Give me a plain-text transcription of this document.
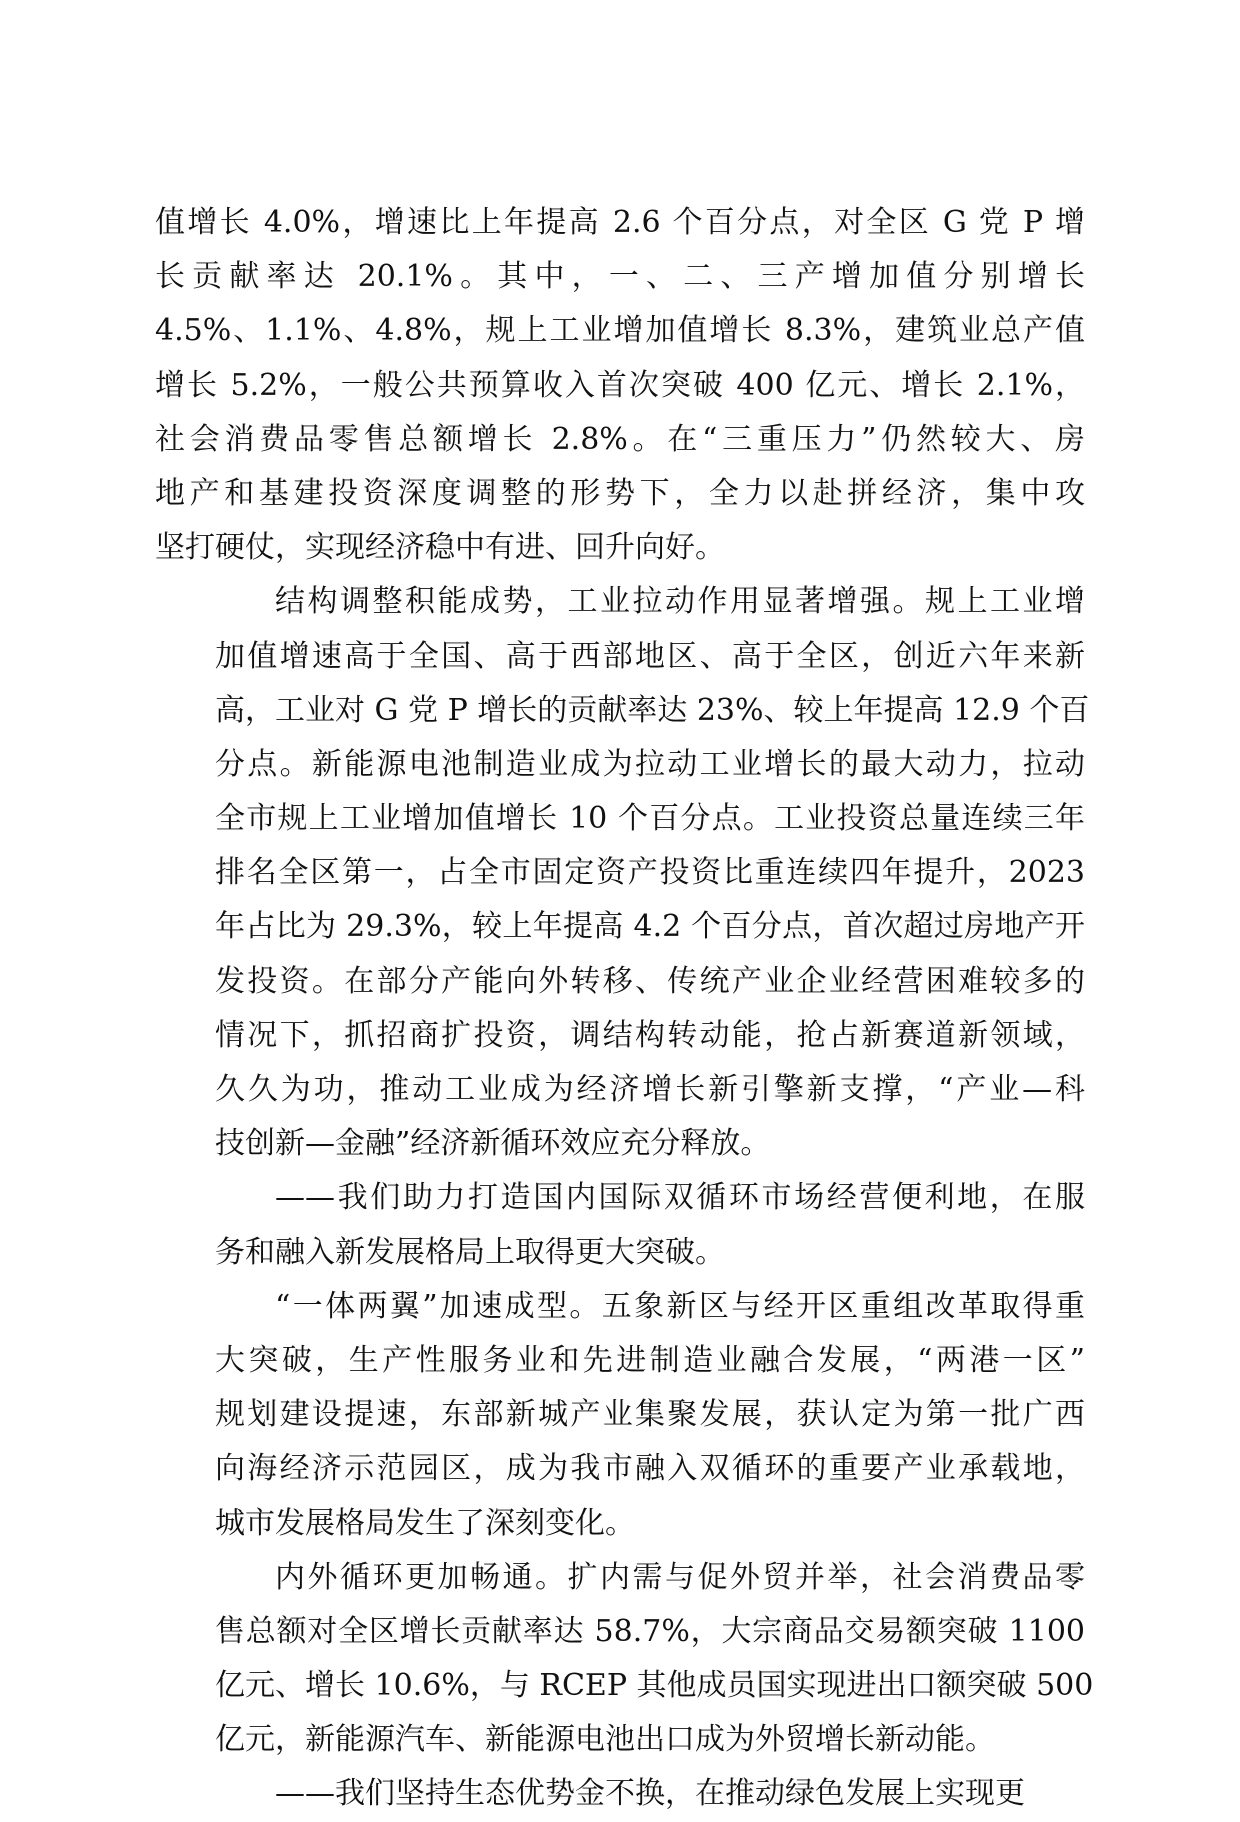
值增长 4.0%，增速比上年提高 2.6 个百分点，对全区 G 党 P 增
长贡献率达 20.1%。其中，一、二、三产增加值分别增长
4.5%、1.1%、4.8%，规上工业增加值增长 8.3%，建筑业总产值
增长 5.2%，一般公共预算收入首次突破 400 亿元、增长 2.1%，
社会消费品零售总额增长 2.8%。在“三重压力”仍然较大、房
地产和基建投资深度调整的形势下，全力以赴拼经济，集中攻
坚打硬仗，实现经济稳中有进、回升向好。
结构调整积能成势，工业拉动作用显著增强。规上工业增
加值增速高于全国、高于西部地区、高于全区，创近六年来新
高，工业对 G 党 P 增长的贡献率达 23%、较上年提高 12.9 个百
分点。新能源电池制造业成为拉动工业增长的最大动力，拉动
全市规上工业增加值增长 10 个百分点。工业投资总量连续三年
排名全区第一，占全市固定资产投资比重连续四年提升，2023
年占比为 29.3%，较上年提高 4.2 个百分点，首次超过房地产开
发投资。在部分产能向外转移、传统产业企业经营困难较多的
情况下，抓招商扩投资，调结构转动能，抢占新赛道新领域，
久久为功，推动工业成为经济增长新引擎新支撑，“产业—科
技创新—金融”经济新循环效应充分释放。
——我们助力打造国内国际双循环市场经营便利地，在服
务和融入新发展格局上取得更大突破。
“一体两翼”加速成型。五象新区与经开区重组改革取得重
大突破，生产性服务业和先进制造业融合发展，“两港一区”
规划建设提速，东部新城产业集聚发展，获认定为第一批广西
向海经济示范园区，成为我市融入双循环的重要产业承载地，
城市发展格局发生了深刻变化。
内外循环更加畅通。扩内需与促外贸并举，社会消费品零
售总额对全区增长贡献率达 58.7%，大宗商品交易额突破 1100
亿元、增长 10.6%，与 RCEP 其他成员国实现进出口额突破 500
亿元，新能源汽车、新能源电池出口成为外贸增长新动能。
——我们坚持生态优势金不换，在推动绿色发展上实现更
